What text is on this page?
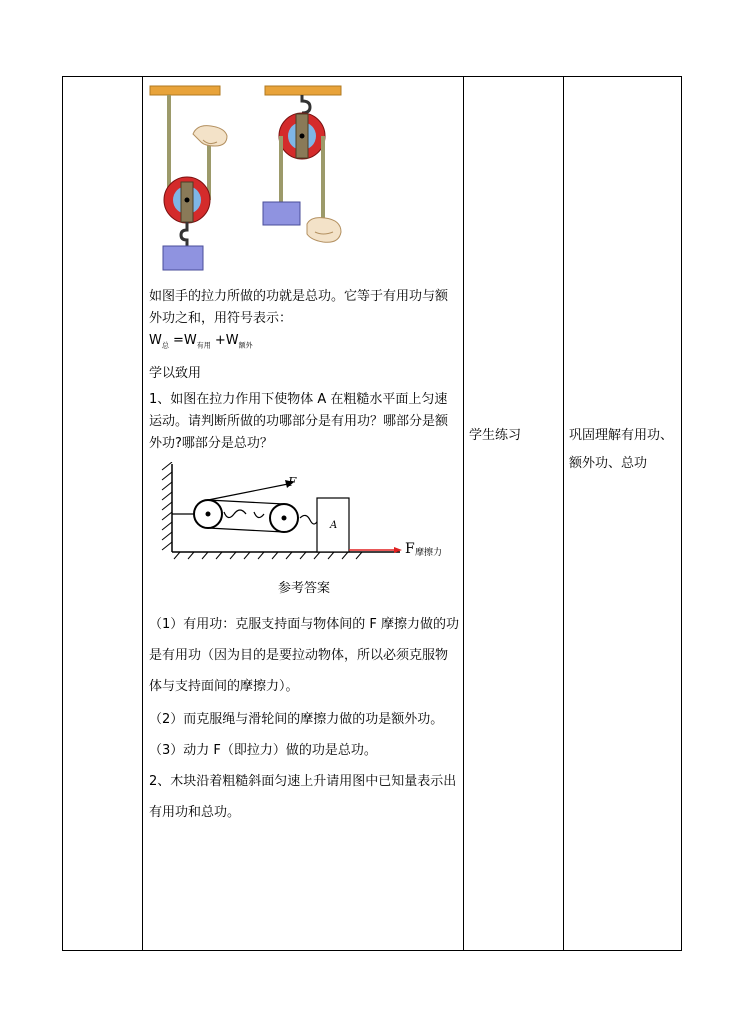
如图手的拉力所做的功就是总功。它等于有用功与额外功之和，用符号表示：
$W_总 =W_{有用} +W_{额外}$
学以致用
1、如图在拉力作用下使物体 A 在粗糙水平面上匀速运动。请判断所做的功哪部分是有用功？哪部分是额外功?哪部分是总功？
F
A
F 摩擦力
参考答案
（1）有用功：克服支持面与物体间的 F 摩擦力做的功是有用功（因为目的是要拉动物体，所以必须克服物体与支持面间的摩擦力）。
（2）而克服绳与滑轮间的摩擦力做的功是额外功。
（3）动力 F（即拉力）做的功是总功。
2、木块沿着粗糙斜面匀速上升请用图中已知量表示出有用功和总功。
学生练习	巩固理解有用功、额外功、总功
